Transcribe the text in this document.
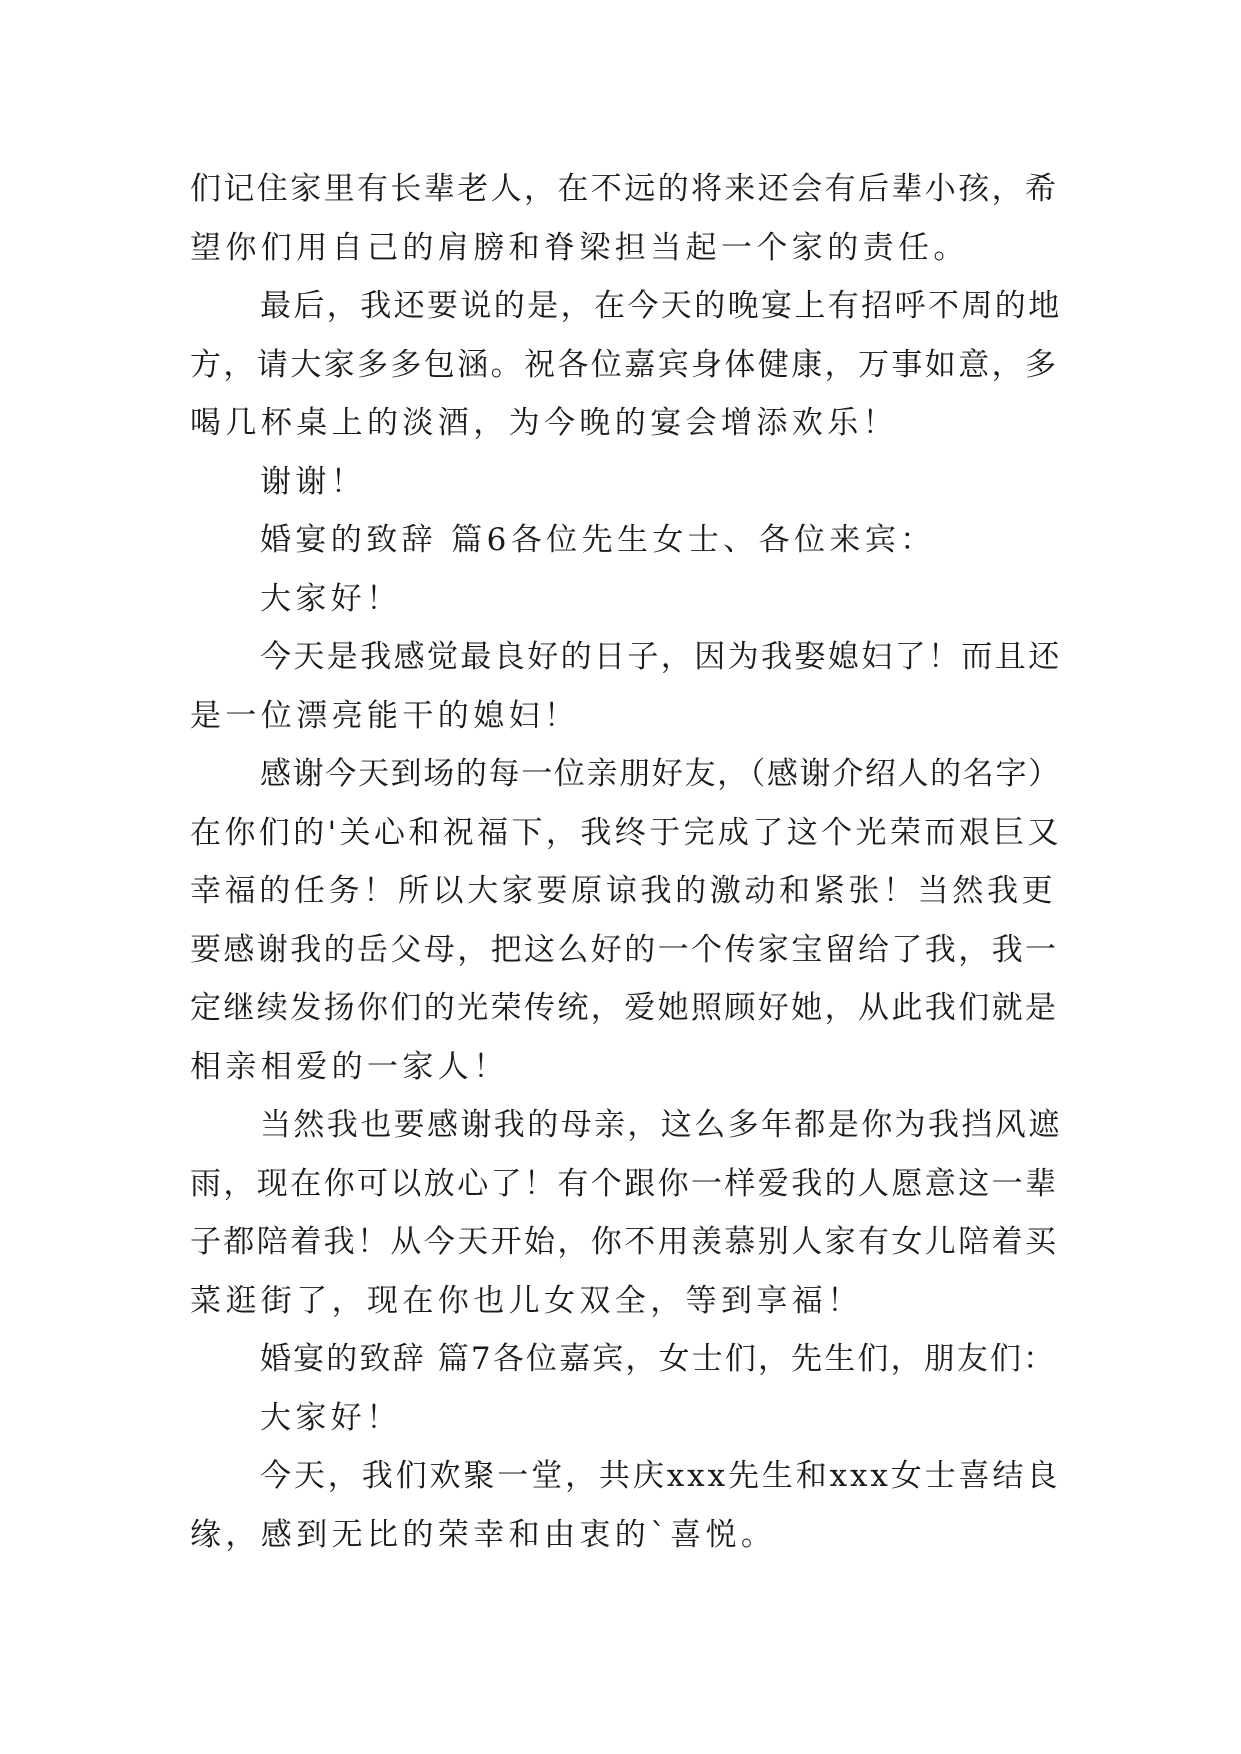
们记住家里有长辈老人，在不远的将来还会有后辈小孩，希
望你们用自己的肩膀和脊梁担当起一个家的责任。
最后，我还要说的是，在今天的晚宴上有招呼不周的地
方，请大家多多包涵。祝各位嘉宾身体健康，万事如意，多
喝几杯桌上的淡酒，为今晚的宴会增添欢乐！
谢谢！
婚宴的致辞 篇6各位先生女士、各位来宾：
大家好！
今天是我感觉最良好的日子，因为我娶媳妇了！而且还
是一位漂亮能干的媳妇！
感谢今天到场的每一位亲朋好友，（感谢介绍人的名字）
在你们的'关心和祝福下，我终于完成了这个光荣而艰巨又
幸福的任务！所以大家要原谅我的激动和紧张！当然我更
要感谢我的岳父母，把这么好的一个传家宝留给了我，我一
定继续发扬你们的光荣传统，爱她照顾好她，从此我们就是
相亲相爱的一家人！
当然我也要感谢我的母亲，这么多年都是你为我挡风遮
雨，现在你可以放心了！有个跟你一样爱我的人愿意这一辈
子都陪着我！从今天开始，你不用羡慕别人家有女儿陪着买
菜逛街了，现在你也儿女双全，等到享福！
婚宴的致辞 篇7各位嘉宾，女士们，先生们，朋友们：
大家好！
今天，我们欢聚一堂，共庆xxx先生和xxx女士喜结良
缘，感到无比的荣幸和由衷的`喜悦。
